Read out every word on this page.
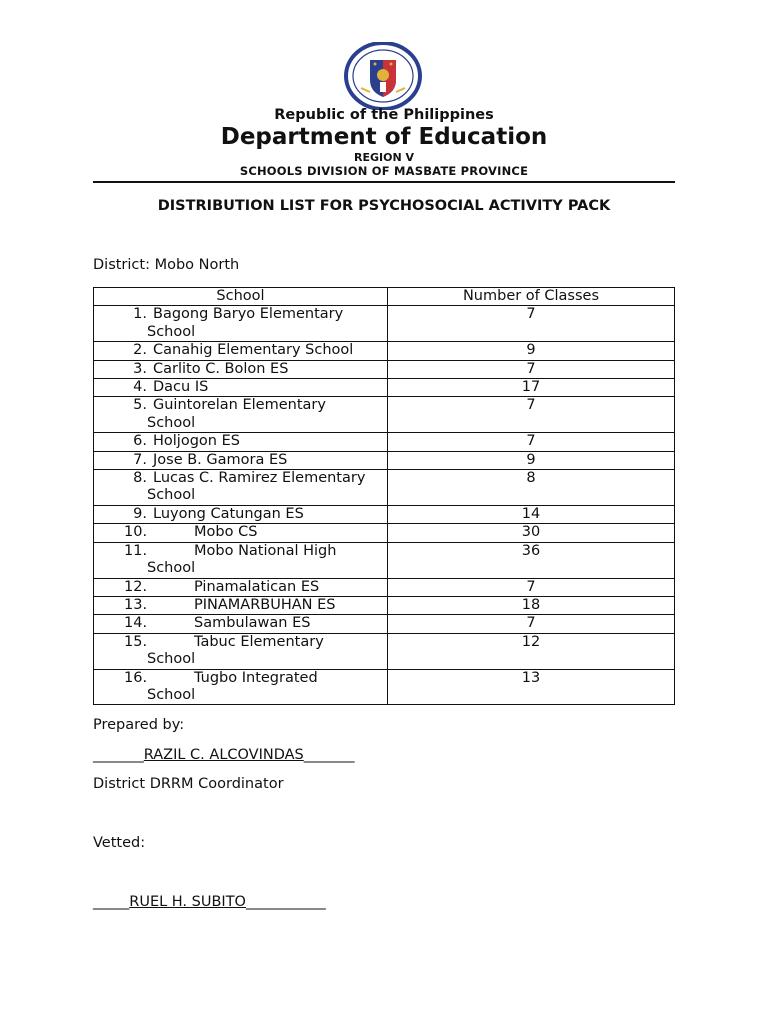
Republic of the Philippines
Department of Education
REGION V
SCHOOLS DIVISION OF MASBATE PROVINCE
DISTRIBUTION LIST FOR PSYCHOSOCIAL ACTIVITY PACK
District: Mobo North
School	Number of Classes

1. Bagong Baryo Elementary
School	7

2. Canahig Elementary School	9

3. Carlito C. Bolon ES	7

4. Dacu IS	17

5. Guintorelan Elementary
School	7

6. Holjogon ES	7

7. Jose B. Gamora ES	9

8. Lucas C. Ramirez Elementary
School	8

9. Luyong Catungan ES	14

10. Mobo CS	30

11. Mobo National High
School	36

12. Pinamalatican ES	7

13. PINAMARBUHAN ES	18

14. Sambulawan ES	7

15. Tabuc Elementary
School	12

16. Tugbo Integrated
School	13
Prepared by:
_______RAZIL C. ALCOVINDAS_______
District DRRM Coordinator
Vetted:
_____RUEL H. SUBITO___________
